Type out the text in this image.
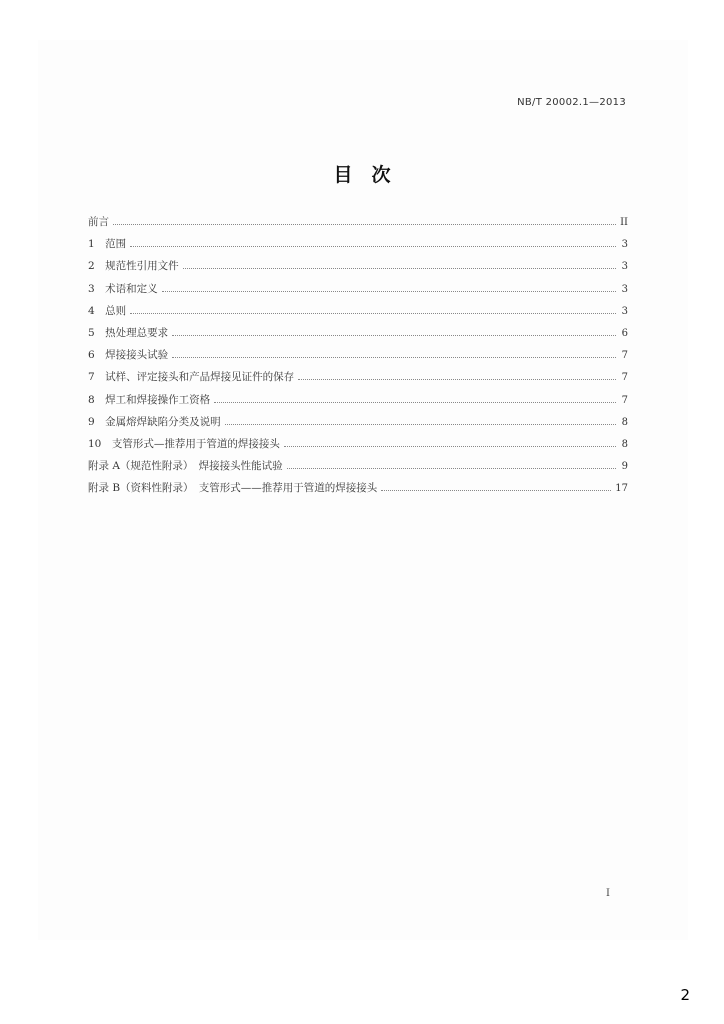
NB/T 20002.1—2013
目　次
前言	II
1　范围	3
2　规范性引用文件	3
3　术语和定义	3
4　总则	3
5　热处理总要求	6
6　焊接接头试验	7
7　试样、评定接头和产品焊接见证件的保存	7
8　焊工和焊接操作工资格	7
9　金属熔焊缺陷分类及说明	8
10　支管形式—推荐用于管道的焊接接头	8
附录 A（规范性附录）　焊接接头性能试验	9
附录 B（资料性附录）　支管形式——推荐用于管道的焊接接头	17
I
2
